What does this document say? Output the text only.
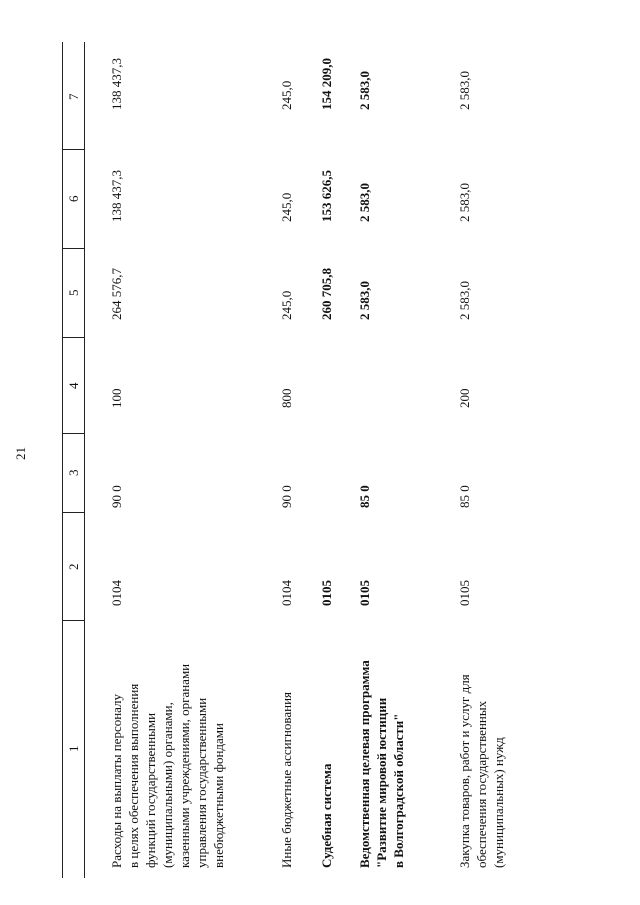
21
1
2
3
4
5
6
7
Расходы на выплаты персоналу в целях обеспечения выполнения функций государственными (муниципальными) органами, казенными учреждениями, органами управления государственными внебюджетными фондами
0104
90 0
100
264 576,7
138 437,3
138 437,3
Иные бюджетные ассигнования
0104
90 0
800
245,0
245,0
245,0
Судебная система
0105
260 705,8
153 626,5
154 209,0
Ведомственная целевая программа "Развитие мировой юстиции в Волгоградской области"
0105
85 0
2 583,0
2 583,0
2 583,0
Закупка товаров, работ и услуг для обеспечения государственных (муниципальных) нужд
0105
85 0
200
2 583,0
2 583,0
2 583,0
